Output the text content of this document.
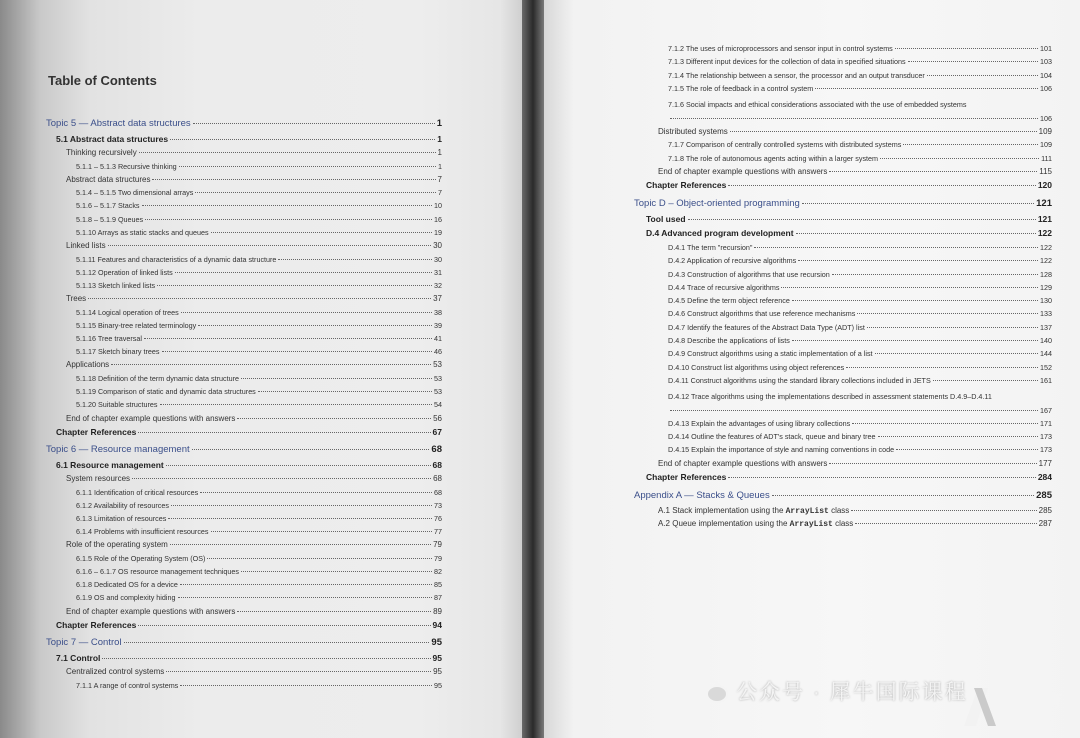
Table of Contents
Topic 5 — Abstract data structures	1
5.1 Abstract data structures	1
Thinking recursively	1
5.1.1 – 5.1.3 Recursive thinking	1
Abstract data structures	7
5.1.4 – 5.1.5 Two dimensional arrays	7
5.1.6 – 5.1.7 Stacks	10
5.1.8 – 5.1.9 Queues	16
5.1.10 Arrays as static stacks and queues	19
Linked lists	30
5.1.11 Features and characteristics of a dynamic data structure	30
5.1.12 Operation of linked lists	31
5.1.13 Sketch linked lists	32
Trees	37
5.1.14 Logical operation of trees	38
5.1.15 Binary-tree related terminology	39
5.1.16 Tree traversal	41
5.1.17 Sketch binary trees	46
Applications	53
5.1.18 Definition of the term dynamic data structure	53
5.1.19 Comparison of static and dynamic data structures	53
5.1.20 Suitable structures	54
End of chapter example questions with answers	56
Chapter References	67
Topic 6 — Resource management	68
6.1 Resource management	68
System resources	68
6.1.1 Identification of critical resources	68
6.1.2 Availability of resources	73
6.1.3 Limitation of resources	76
6.1.4 Problems with insufficient resources	77
Role of the operating system	79
6.1.5 Role of the Operating System (OS)	79
6.1.6 – 6.1.7 OS resource management techniques	82
6.1.8 Dedicated OS for a device	85
6.1.9 OS and complexity hiding	87
End of chapter example questions with answers	89
Chapter References	94
Topic 7 — Control	95
7.1 Control	95
Centralized control systems	95
7.1.1 A range of control systems	95
7.1.2 The uses of microprocessors and sensor input in control systems	101
7.1.3 Different input devices for the collection of data in specified situations	103
7.1.4 The relationship between a sensor, the processor and an output transducer	104
7.1.5 The role of feedback in a control system	106
7.1.6 Social impacts and ethical considerations associated with the use of embedded systems
106
Distributed systems	109
7.1.7 Comparison of centrally controlled systems with distributed systems	109
7.1.8 The role of autonomous agents acting within a larger system	111
End of chapter example questions with answers	115
Chapter References	120
Topic D – Object-oriented programming	121
Tool used	121
D.4 Advanced program development	122
D.4.1 The term "recursion"	122
D.4.2 Application of recursive algorithms	122
D.4.3 Construction of algorithms that use recursion	128
D.4.4 Trace of recursive algorithms	129
D.4.5 Define the term object reference	130
D.4.6 Construct algorithms that use reference mechanisms	133
D.4.7 Identify the features of the Abstract Data Type (ADT) list	137
D.4.8 Describe the applications of lists	140
D.4.9 Construct algorithms using a static implementation of a list	144
D.4.10 Construct list algorithms using object references	152
D.4.11 Construct algorithms using the standard library collections included in JETS	161
D.4.12 Trace algorithms using the implementations described in assessment statements D.4.9–D.4.11
167
D.4.13 Explain the advantages of using library collections	171
D.4.14 Outline the features of ADT's stack, queue and binary tree	173
D.4.15 Explain the importance of style and naming conventions in code	173
End of chapter example questions with answers	177
Chapter References	284
Appendix A — Stacks & Queues	285
A.1 Stack implementation using the ArrayList class	285
A.2 Queue implementation using the ArrayList class	287
公众号 · 犀牛国际课程 犀牛教育
X-NEW
